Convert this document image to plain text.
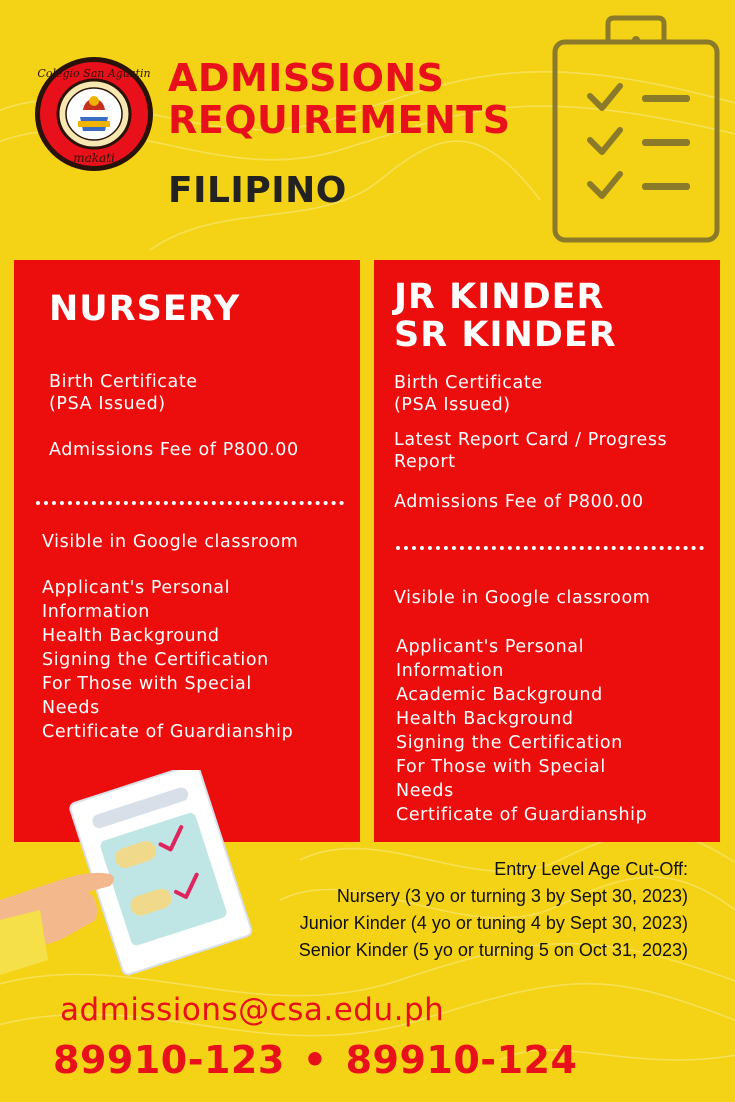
Colegio San Agustin
makati
ADMISSIONS
REQUIREMENTS
FILIPINO
NURSERY
Birth Certificate
(PSA Issued)
Admissions Fee of P800.00
Visible in Google classroom
Applicant's Personal
Information
Health Background
Signing the Certification
For Those with Special
Needs
Certificate of Guardianship
JR KINDER
SR KINDER
Birth Certificate
(PSA Issued)
Latest Report Card / Progress
Report
Admissions Fee of P800.00
Visible in Google classroom
Applicant's Personal
Information
Academic Background
Health Background
Signing the Certification
For Those with Special
Needs
Certificate of Guardianship
Entry Level Age Cut-Off:
Nursery (3 yo or turning 3 by Sept 30, 2023)
Junior Kinder (4 yo or tuning 4 by Sept 30, 2023)
Senior Kinder (5 yo or turning 5 on Oct 31, 2023)
admissions@csa.edu.ph
89910-123 • 89910-124
